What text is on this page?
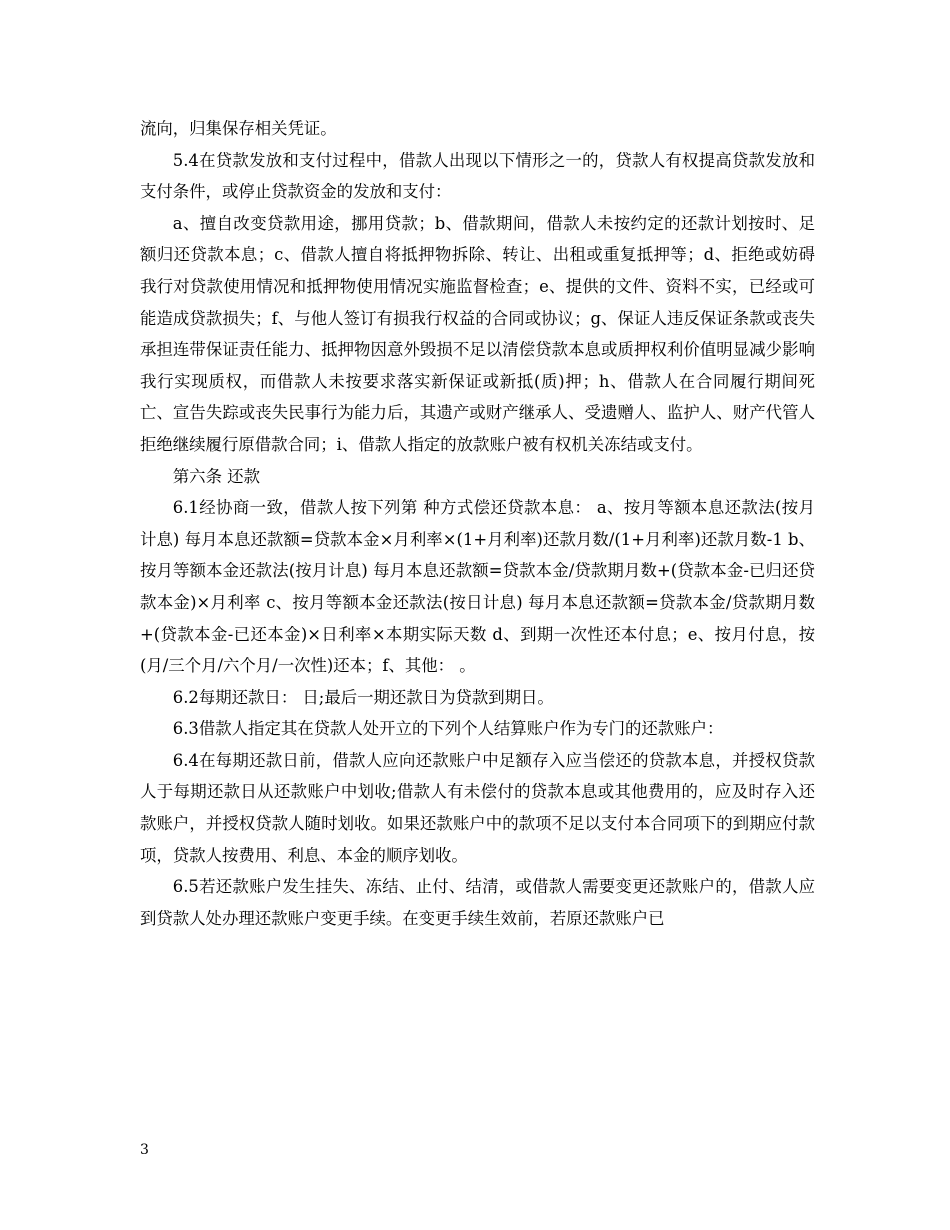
流向，归集保存相关凭证。

5.4在贷款发放和支付过程中，借款人出现以下情形之一的，贷款人有权提高贷款发放和支付条件，或停止贷款资金的发放和支付：

a、擅自改变贷款用途，挪用贷款；b、借款期间，借款人未按约定的还款计划按时、足额归还贷款本息；c、借款人擅自将抵押物拆除、转让、出租或重复抵押等；d、拒绝或妨碍我行对贷款使用情况和抵押物使用情况实施监督检查；e、提供的文件、资料不实，已经或可能造成贷款损失；f、与他人签订有损我行权益的合同或协议；g、保证人违反保证条款或丧失承担连带保证责任能力、抵押物因意外毁损不足以清偿贷款本息或质押权利价值明显减少影响我行实现质权，而借款人未按要求落实新保证或新抵(质)押；h、借款人在合同履行期间死亡、宣告失踪或丧失民事行为能力后，其遗产或财产继承人、受遗赠人、监护人、财产代管人拒绝继续履行原借款合同；i、借款人指定的放款账户被有权机关冻结或支付。

第六条 还款

6.1经协商一致，借款人按下列第 种方式偿还贷款本息： a、按月等额本息还款法(按月计息) 每月本息还款额=贷款本金×月利率×(1+月利率)还款月数/(1+月利率)还款月数-1 b、按月等额本金还款法(按月计息) 每月本息还款额=贷款本金/贷款期月数+(贷款本金-已归还贷款本金)×月利率 c、按月等额本金还款法(按日计息) 每月本息还款额=贷款本金/贷款期月数+(贷款本金-已还本金)×日利率×本期实际天数 d、到期一次性还本付息；e、按月付息，按 (月/三个月/六个月/一次性)还本；f、其他： 。

6.2每期还款日： 日;最后一期还款日为贷款到期日。

6.3借款人指定其在贷款人处开立的下列个人结算账户作为专门的还款账户：

6.4在每期还款日前，借款人应向还款账户中足额存入应当偿还的贷款本息，并授权贷款人于每期还款日从还款账户中划收;借款人有未偿付的贷款本息或其他费用的，应及时存入还款账户，并授权贷款人随时划收。如果还款账户中的款项不足以支付本合同项下的到期应付款项，贷款人按费用、利息、本金的顺序划收。

6.5若还款账户发生挂失、冻结、止付、结清，或借款人需要变更还款账户的，借款人应到贷款人处办理还款账户变更手续。在变更手续生效前，若原还款账户已

3
